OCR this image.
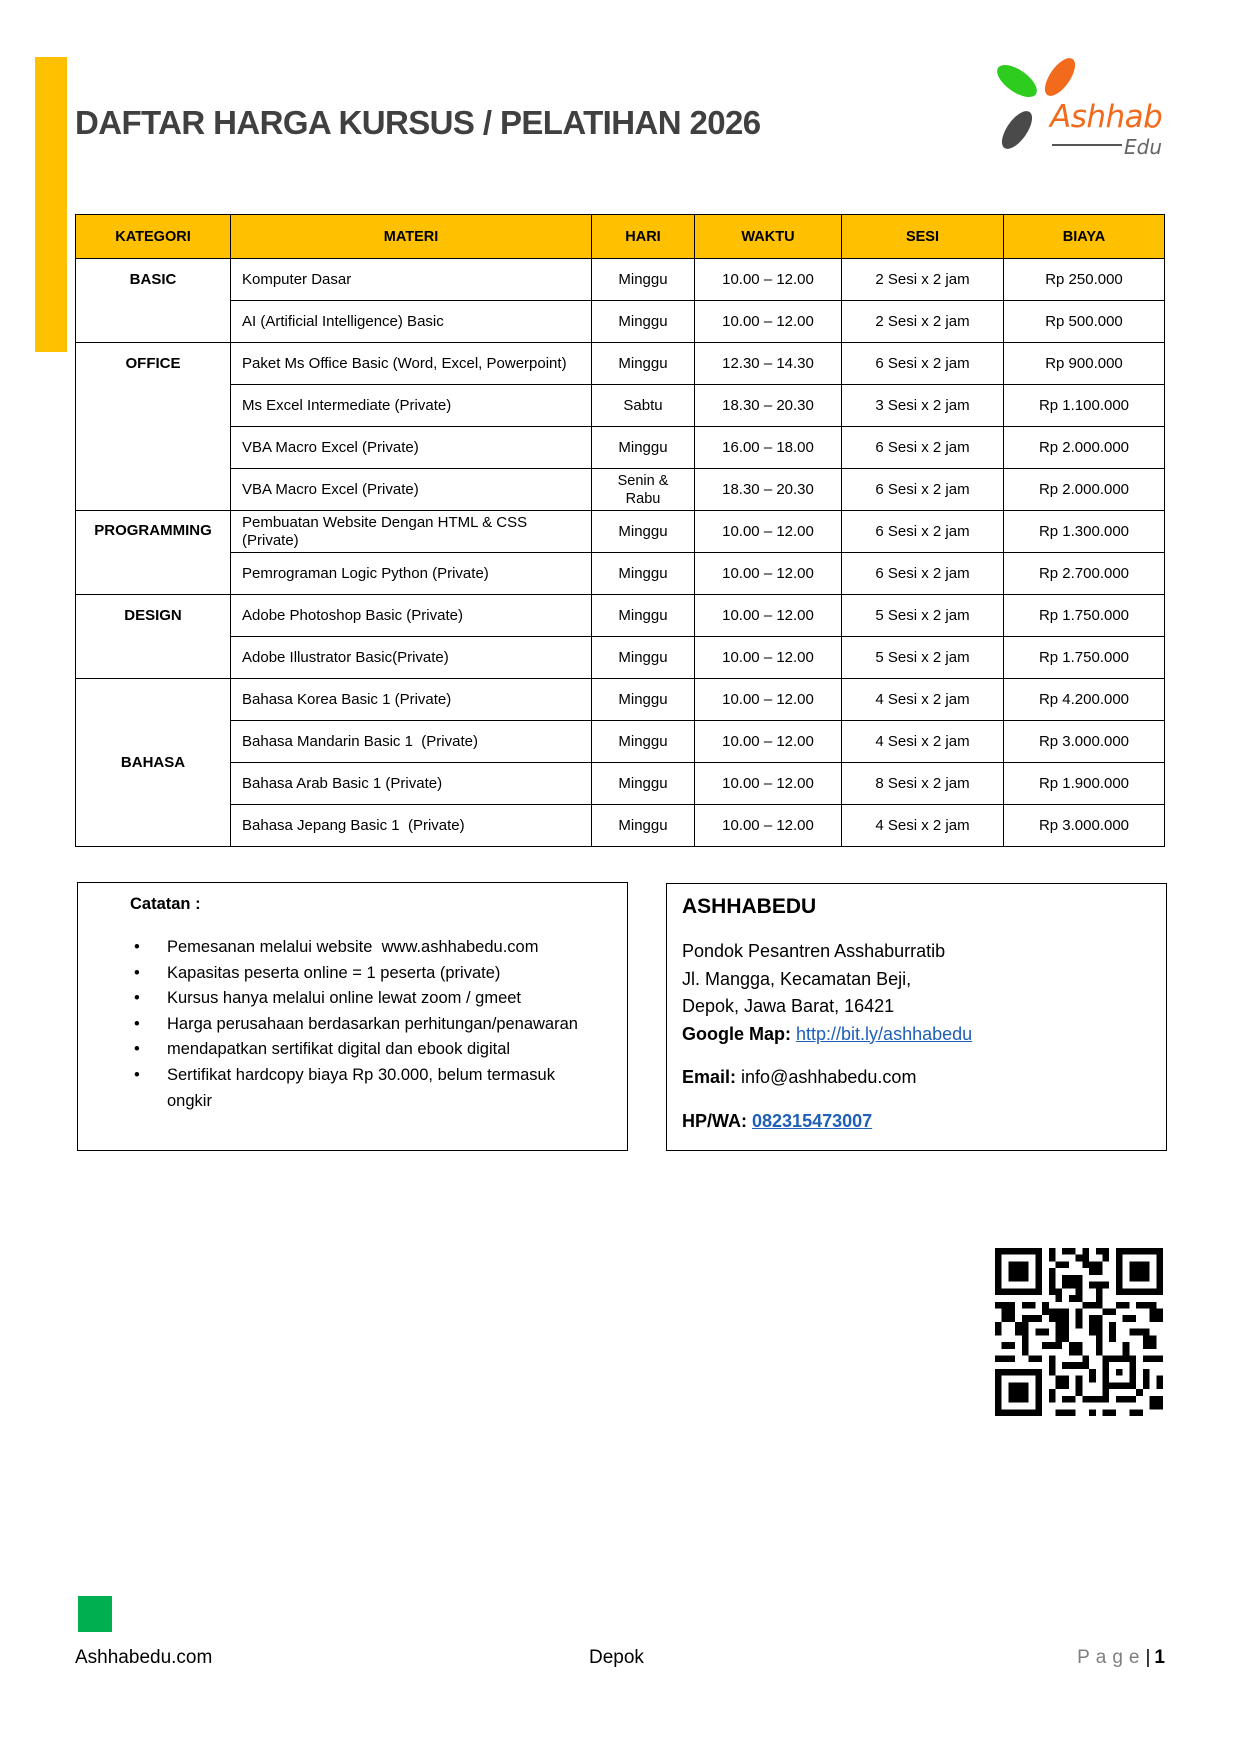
DAFTAR HARGA KURSUS / PELATIHAN 2026	Ashhab
Edu
KATEGORI	MATERI	HARI	WAKTU	SESI	BIAYA
BASIC	Komputer Dasar	Minggu	10.00 – 12.00	2 Sesi x 2 jam	Rp 250.000
	AI (Artificial Intelligence) Basic	Minggu	10.00 – 12.00	2 Sesi x 2 jam	Rp 500.000
OFFICE	Paket Ms Office Basic (Word, Excel, Powerpoint)	Minggu	12.30 – 14.30	6 Sesi x 2 jam	Rp 900.000
	Ms Excel Intermediate (Private)	Sabtu	18.30 – 20.30	3 Sesi x 2 jam	Rp 1.100.000
	VBA Macro Excel (Private)	Minggu	16.00 – 18.00	6 Sesi x 2 jam	Rp 2.000.000
	VBA Macro Excel (Private)	Senin & Rabu	18.30 – 20.30	6 Sesi x 2 jam	Rp 2.000.000
PROGRAMMING	Pembuatan Website Dengan HTML & CSS (Private)	Minggu	10.00 – 12.00	6 Sesi x 2 jam	Rp 1.300.000
	Pemrograman Logic Python (Private)	Minggu	10.00 – 12.00	6 Sesi x 2 jam	Rp 2.700.000
DESIGN	Adobe Photoshop Basic (Private)	Minggu	10.00 – 12.00	5 Sesi x 2 jam	Rp 1.750.000
	Adobe Illustrator Basic(Private)	Minggu	10.00 – 12.00	5 Sesi x 2 jam	Rp 1.750.000
BAHASA	Bahasa Korea Basic 1 (Private)	Minggu	10.00 – 12.00	4 Sesi x 2 jam	Rp 4.200.000
	Bahasa Mandarin Basic 1  (Private)	Minggu	10.00 – 12.00	4 Sesi x 2 jam	Rp 3.000.000
	Bahasa Arab Basic 1 (Private)	Minggu	10.00 – 12.00	8 Sesi x 2 jam	Rp 1.900.000
	Bahasa Jepang Basic 1  (Private)	Minggu	10.00 – 12.00	4 Sesi x 2 jam	Rp 3.000.000
Catatan :
• Pemesanan melalui website  www.ashhabedu.com
• Kapasitas peserta online = 1 peserta (private)
• Kursus hanya melalui online lewat zoom / gmeet
• Harga perusahaan berdasarkan perhitungan/penawaran
• mendapatkan sertifikat digital dan ebook digital
• Sertifikat hardcopy biaya Rp 30.000, belum termasuk ongkir
ASHHABEDU
Pondok Pesantren Asshaburratib
Jl. Mangga, Kecamatan Beji,
Depok, Jawa Barat, 16421
Google Map: http://bit.ly/ashhabedu
Email: info@ashhabedu.com
HP/WA: 082315473007
Ashhabedu.com	Depok	Page| 1
